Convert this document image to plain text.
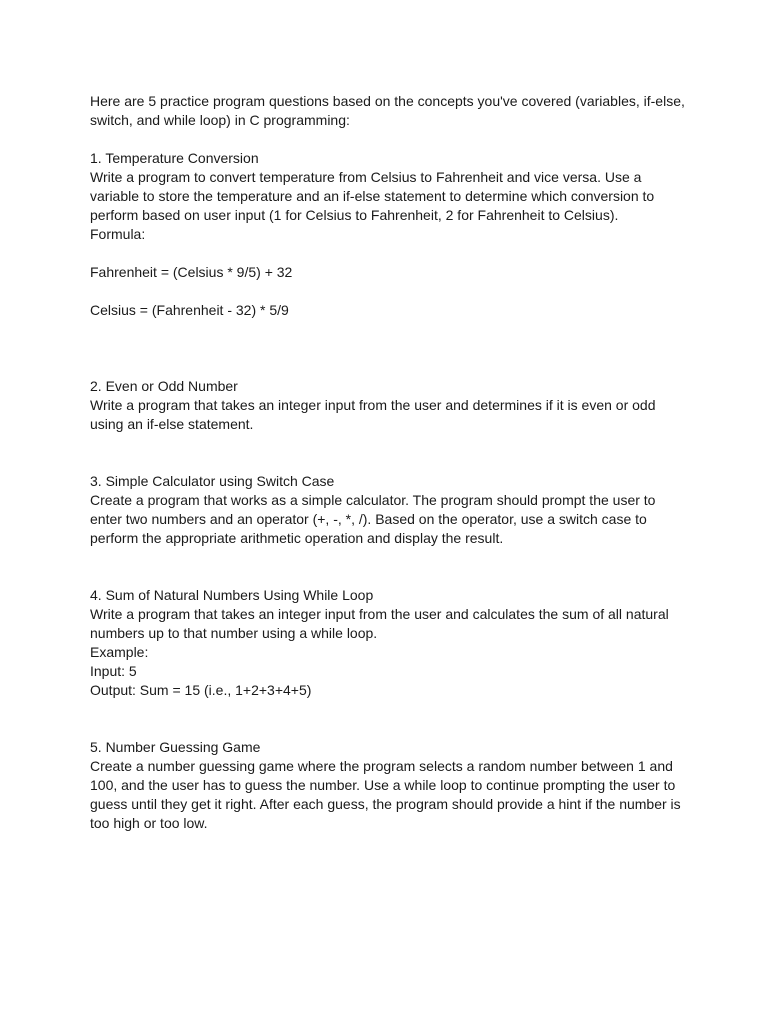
Here are 5 practice program questions based on the concepts you've covered (variables, if-else,
switch, and while loop) in C programming:
1. Temperature Conversion
Write a program to convert temperature from Celsius to Fahrenheit and vice versa. Use a
variable to store the temperature and an if-else statement to determine which conversion to
perform based on user input (1 for Celsius to Fahrenheit, 2 for Fahrenheit to Celsius).
Formula:
Fahrenheit = (Celsius * 9/5) + 32
Celsius = (Fahrenheit - 32) * 5/9
2. Even or Odd Number
Write a program that takes an integer input from the user and determines if it is even or odd
using an if-else statement.
3. Simple Calculator using Switch Case
Create a program that works as a simple calculator. The program should prompt the user to
enter two numbers and an operator (+, -, *, /). Based on the operator, use a switch case to
perform the appropriate arithmetic operation and display the result.
4. Sum of Natural Numbers Using While Loop
Write a program that takes an integer input from the user and calculates the sum of all natural
numbers up to that number using a while loop.
Example:
Input: 5
Output: Sum = 15 (i.e., 1+2+3+4+5)
5. Number Guessing Game
Create a number guessing game where the program selects a random number between 1 and
100, and the user has to guess the number. Use a while loop to continue prompting the user to
guess until they get it right. After each guess, the program should provide a hint if the number is
too high or too low.
